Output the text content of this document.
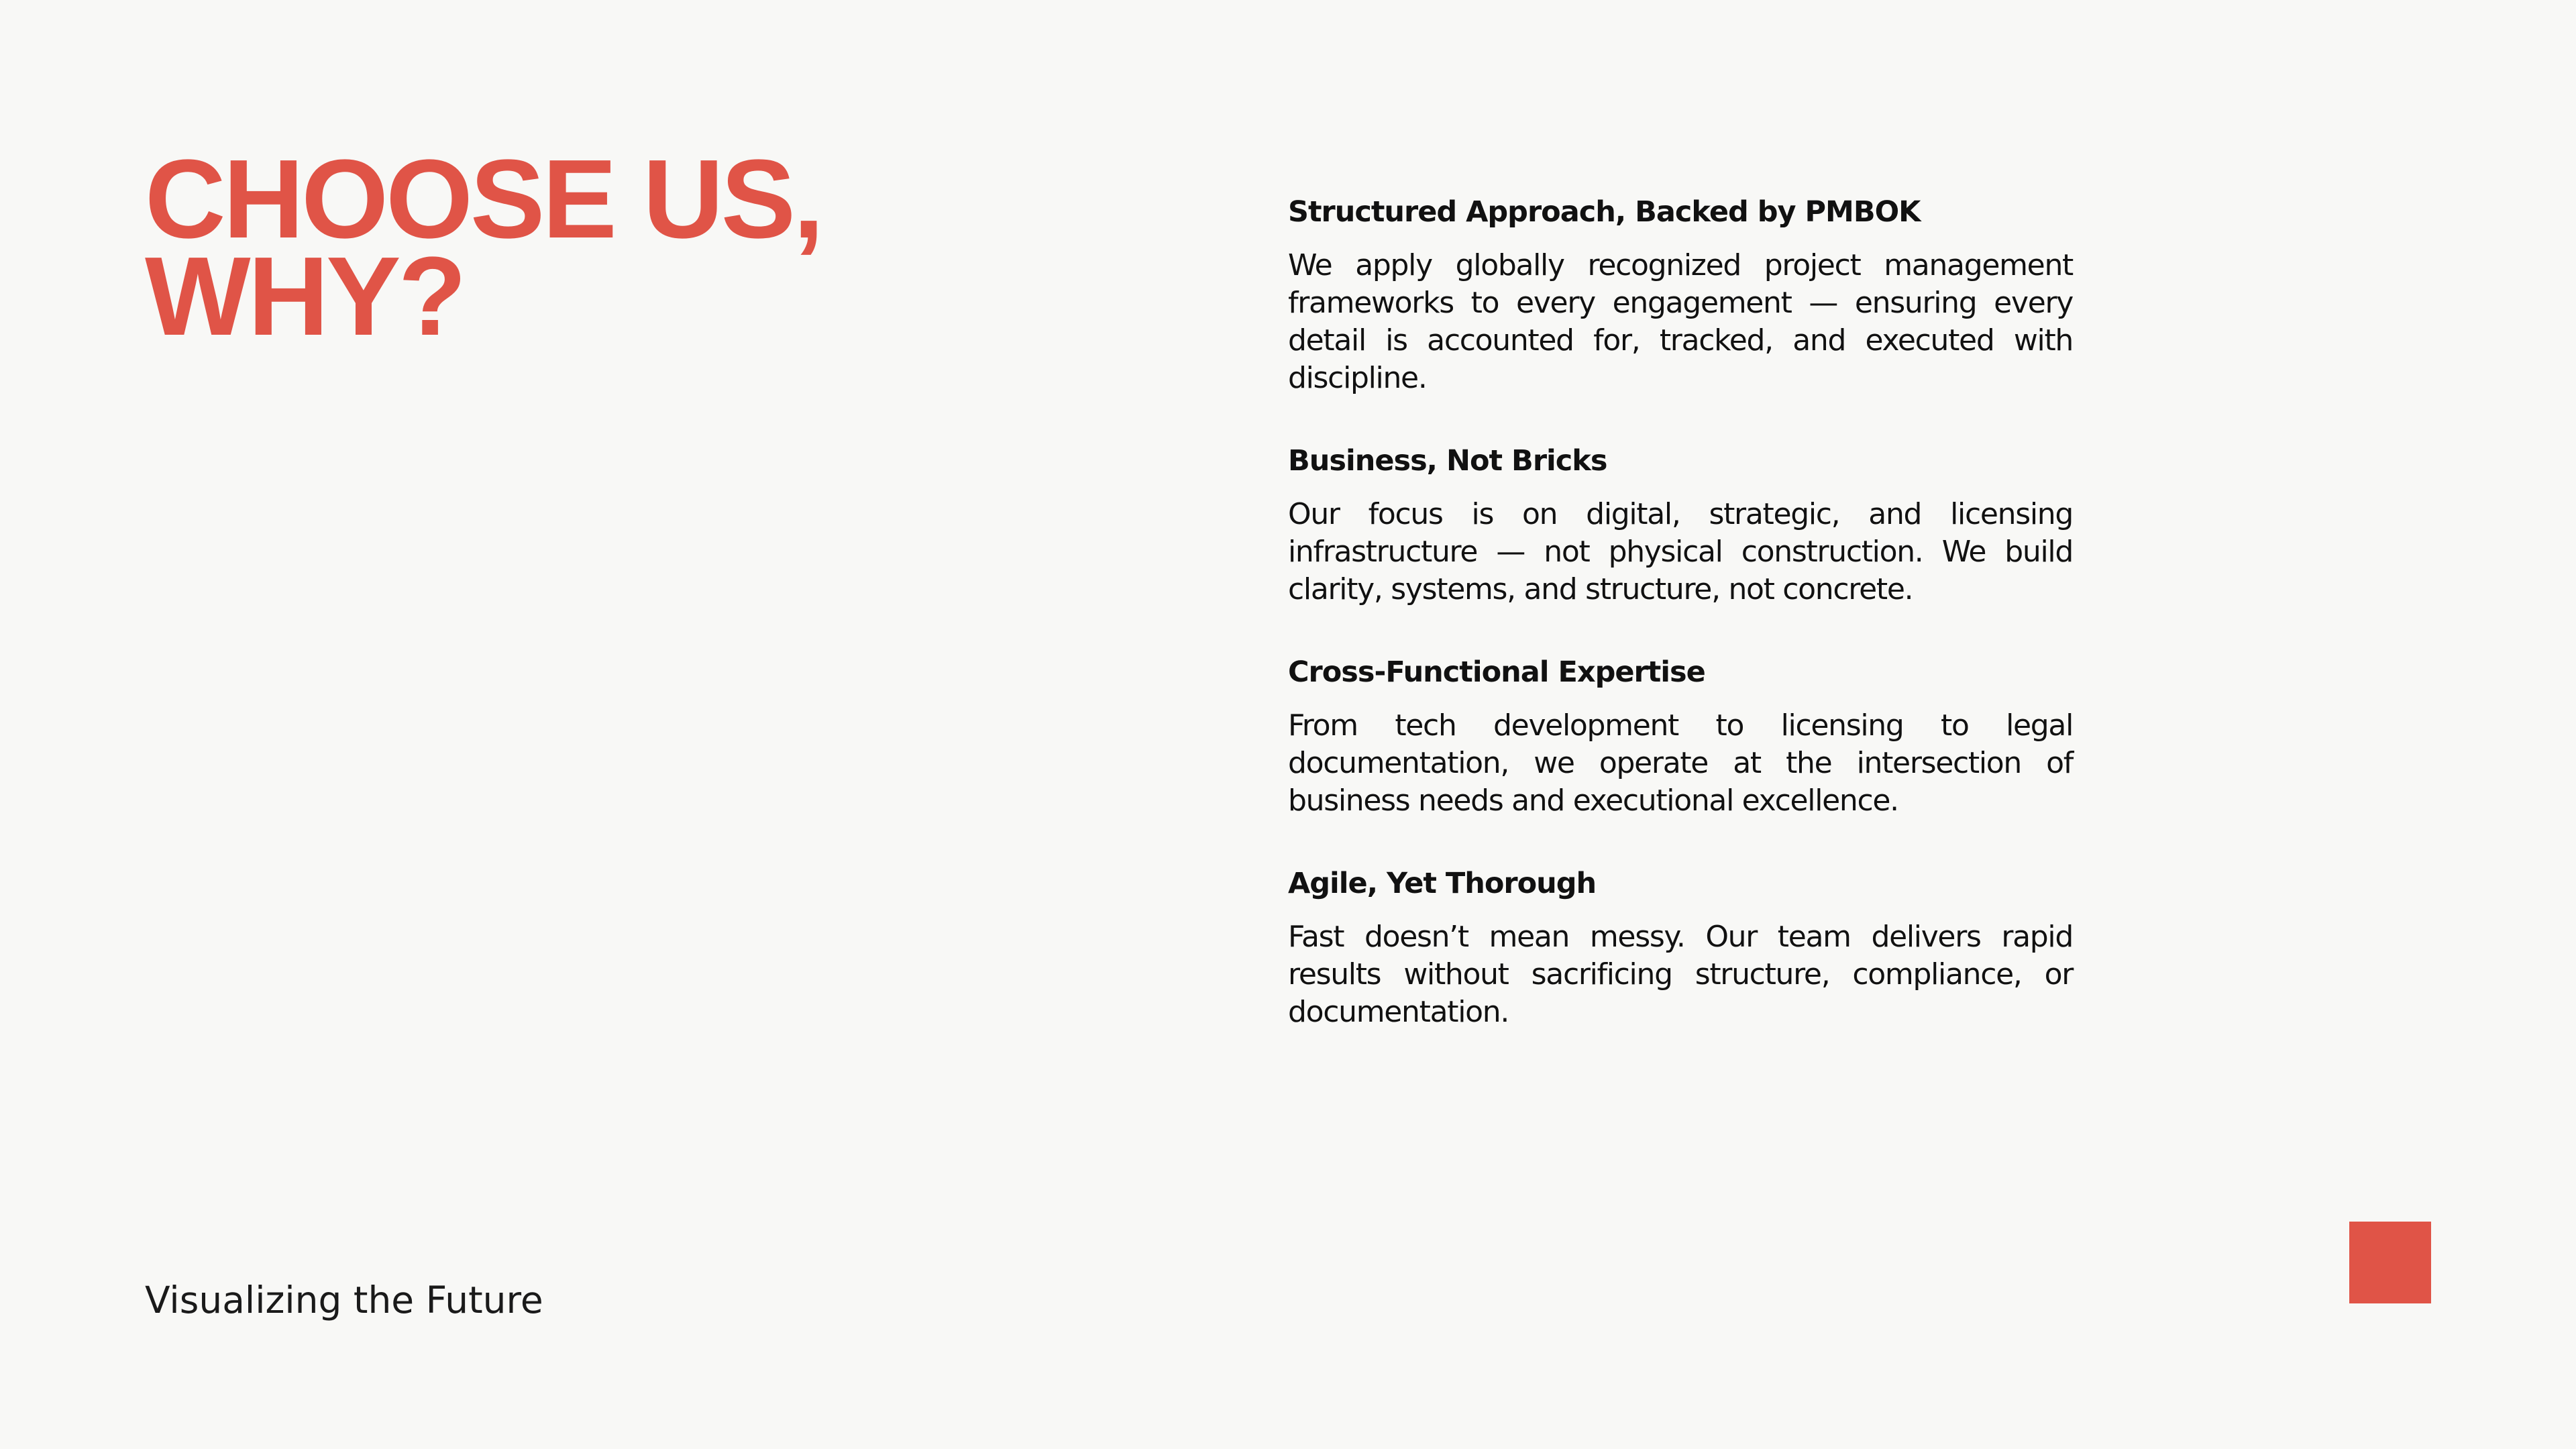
CHOOSE US,
WHY?
Structured Approach, Backed by PMBOK

We apply globally recognized project management frameworks to every engagement — ensuring every detail is accounted for, tracked, and executed with discipline.

Business, Not Bricks

Our focus is on digital, strategic, and licensing infrastructure — not physical construction. We build clarity, systems, and structure, not concrete.

Cross-Functional Expertise

From tech development to licensing to legal documentation, we operate at the intersection of business needs and executional excellence.

Agile, Yet Thorough

Fast doesn’t mean messy. Our team delivers rapid results without sacrificing structure, compliance, or documentation.

Visualizing the Future
